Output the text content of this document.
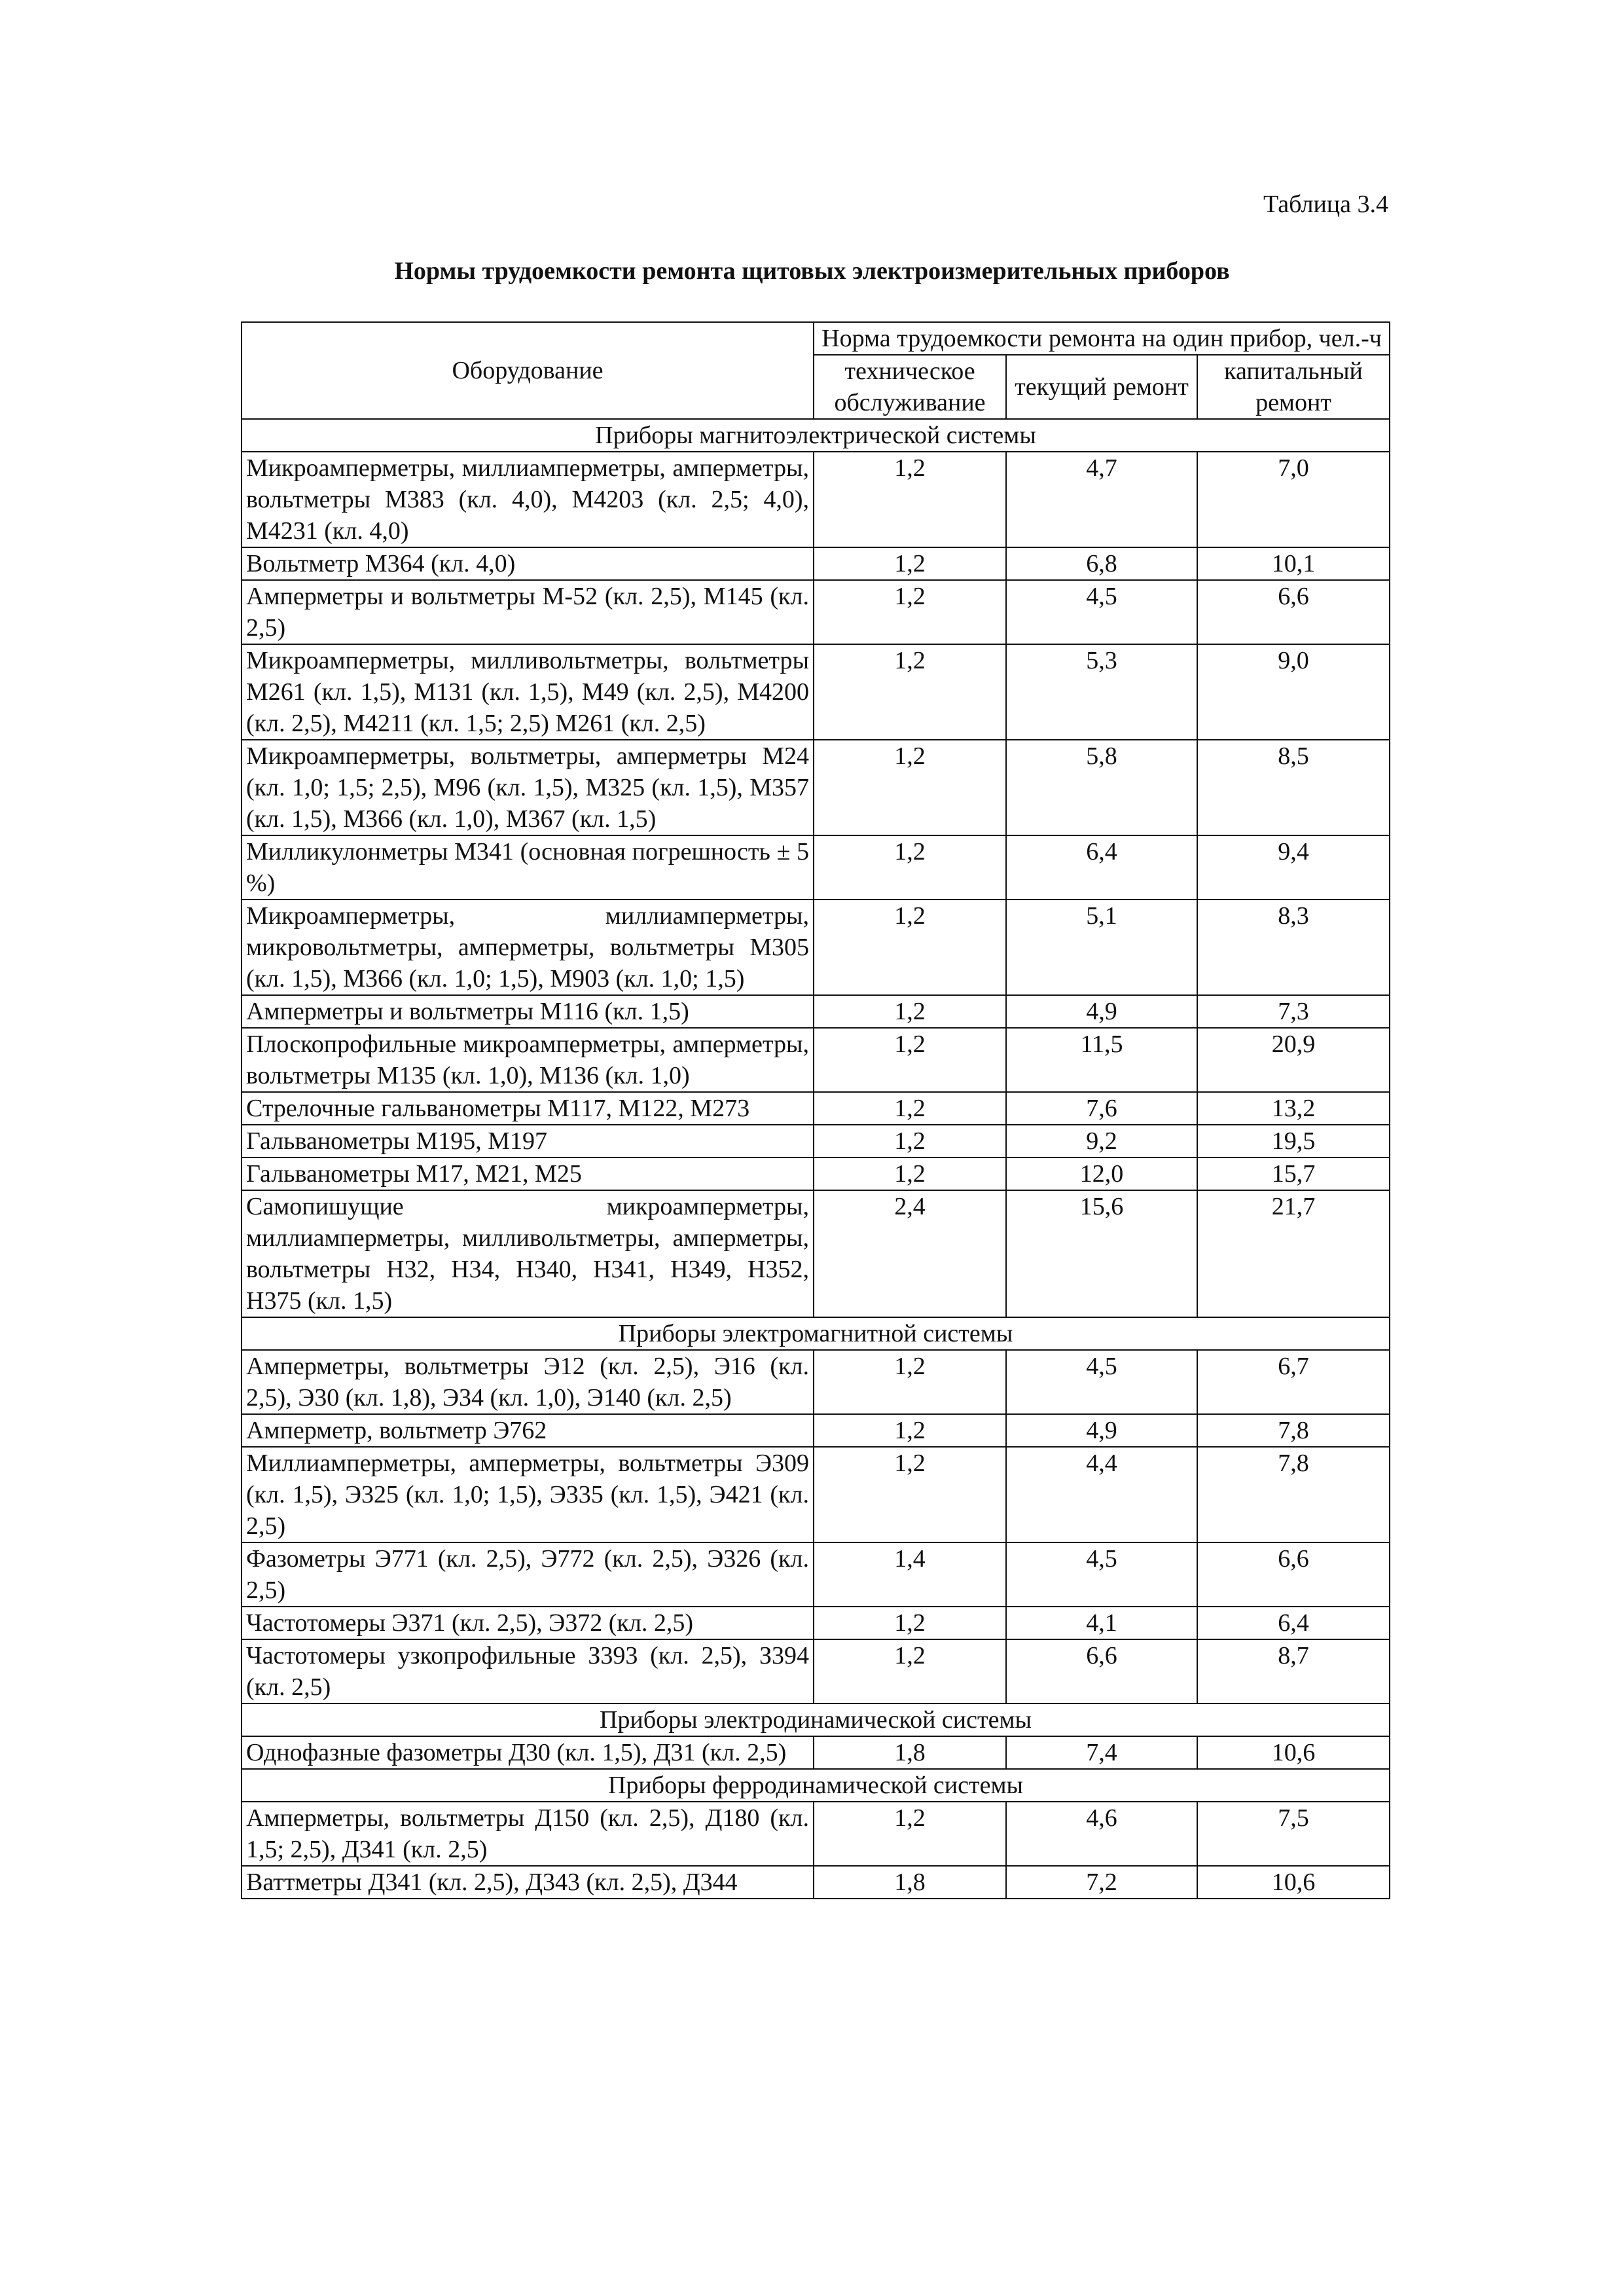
Таблица 3.4

Нормы трудоемкости ремонта щитовых электроизмерительных приборов

Оборудование	Норма трудоемкости ремонта на один прибор, чел.-ч		
	техническое обслуживание	текущий ремонт	капитальный ремонт
Приборы магнитоэлектрической системы			
Микроамперметры, миллиамперметры, амперметры, вольтметры М383 (кл. 4,0), М4203 (кл. 2,5; 4,0), М4231 (кл. 4,0)	1,2	4,7	7,0
Вольтметр М364 (кл. 4,0)	1,2	6,8	10,1
Амперметры и вольтметры М-52 (кл. 2,5), М145 (кл. 2,5)	1,2	4,5	6,6
Микроамперметры, милливольтметры, вольтметры М261 (кл. 1,5), М131 (кл. 1,5), М49 (кл. 2,5), М4200 (кл. 2,5), М4211 (кл. 1,5; 2,5) М261 (кл. 2,5)	1,2	5,3	9,0
Микроамперметры, вольтметры, амперметры М24 (кл. 1,0; 1,5; 2,5), М96 (кл. 1,5), М325 (кл. 1,5), М357 (кл. 1,5), М366 (кл. 1,0), М367 (кл. 1,5)	1,2	5,8	8,5
Милликулонметры М341 (основная погрешность ± 5 %)	1,2	6,4	9,4
Микроамперметры, миллиамперметры, микровольтметры, амперметры, вольтметры М305 (кл. 1,5), М366 (кл. 1,0; 1,5), М903 (кл. 1,0; 1,5)	1,2	5,1	8,3
Амперметры и вольтметры М116 (кл. 1,5)	1,2	4,9	7,3
Плоскопрофильные микроамперметры, амперметры, вольтметры М135 (кл. 1,0), М136 (кл. 1,0)	1,2	11,5	20,9
Стрелочные гальванометры М117, М122, М273	1,2	7,6	13,2
Гальванометры М195, М197	1,2	9,2	19,5
Гальванометры М17, М21, М25	1,2	12,0	15,7
Самопишущие микроамперметры, миллиамперметры, милливольтметры, амперметры, вольтметры Н32, Н34, Н340, Н341, Н349, Н352, Н375 (кл. 1,5)	2,4	15,6	21,7
Приборы электромагнитной системы			
Амперметры, вольтметры Э12 (кл. 2,5), Э16 (кл. 2,5), Э30 (кл. 1,8), Э34 (кл. 1,0), Э140 (кл. 2,5)	1,2	4,5	6,7
Амперметр, вольтметр Э762	1,2	4,9	7,8
Миллиамперметры, амперметры, вольтметры Э309 (кл. 1,5), Э325 (кл. 1,0; 1,5), Э335 (кл. 1,5), Э421 (кл. 2,5)	1,2	4,4	7,8
Фазометры Э771 (кл. 2,5), Э772 (кл. 2,5), Э326 (кл. 2,5)	1,4	4,5	6,6
Частотомеры Э371 (кл. 2,5), Э372 (кл. 2,5)	1,2	4,1	6,4
Частотомеры узкопрофильные З393 (кл. 2,5), З394 (кл. 2,5)	1,2	6,6	8,7
Приборы электродинамической системы			
Однофазные фазометры Д30 (кл. 1,5), Д31 (кл. 2,5)	1,8	7,4	10,6
Приборы ферродинамической системы			
Амперметры, вольтметры Д150 (кл. 2,5), Д180 (кл. 1,5; 2,5), Д341 (кл. 2,5)	1,2	4,6	7,5
Ваттметры Д341 (кл. 2,5), Д343 (кл. 2,5), Д344	1,8	7,2	10,6
